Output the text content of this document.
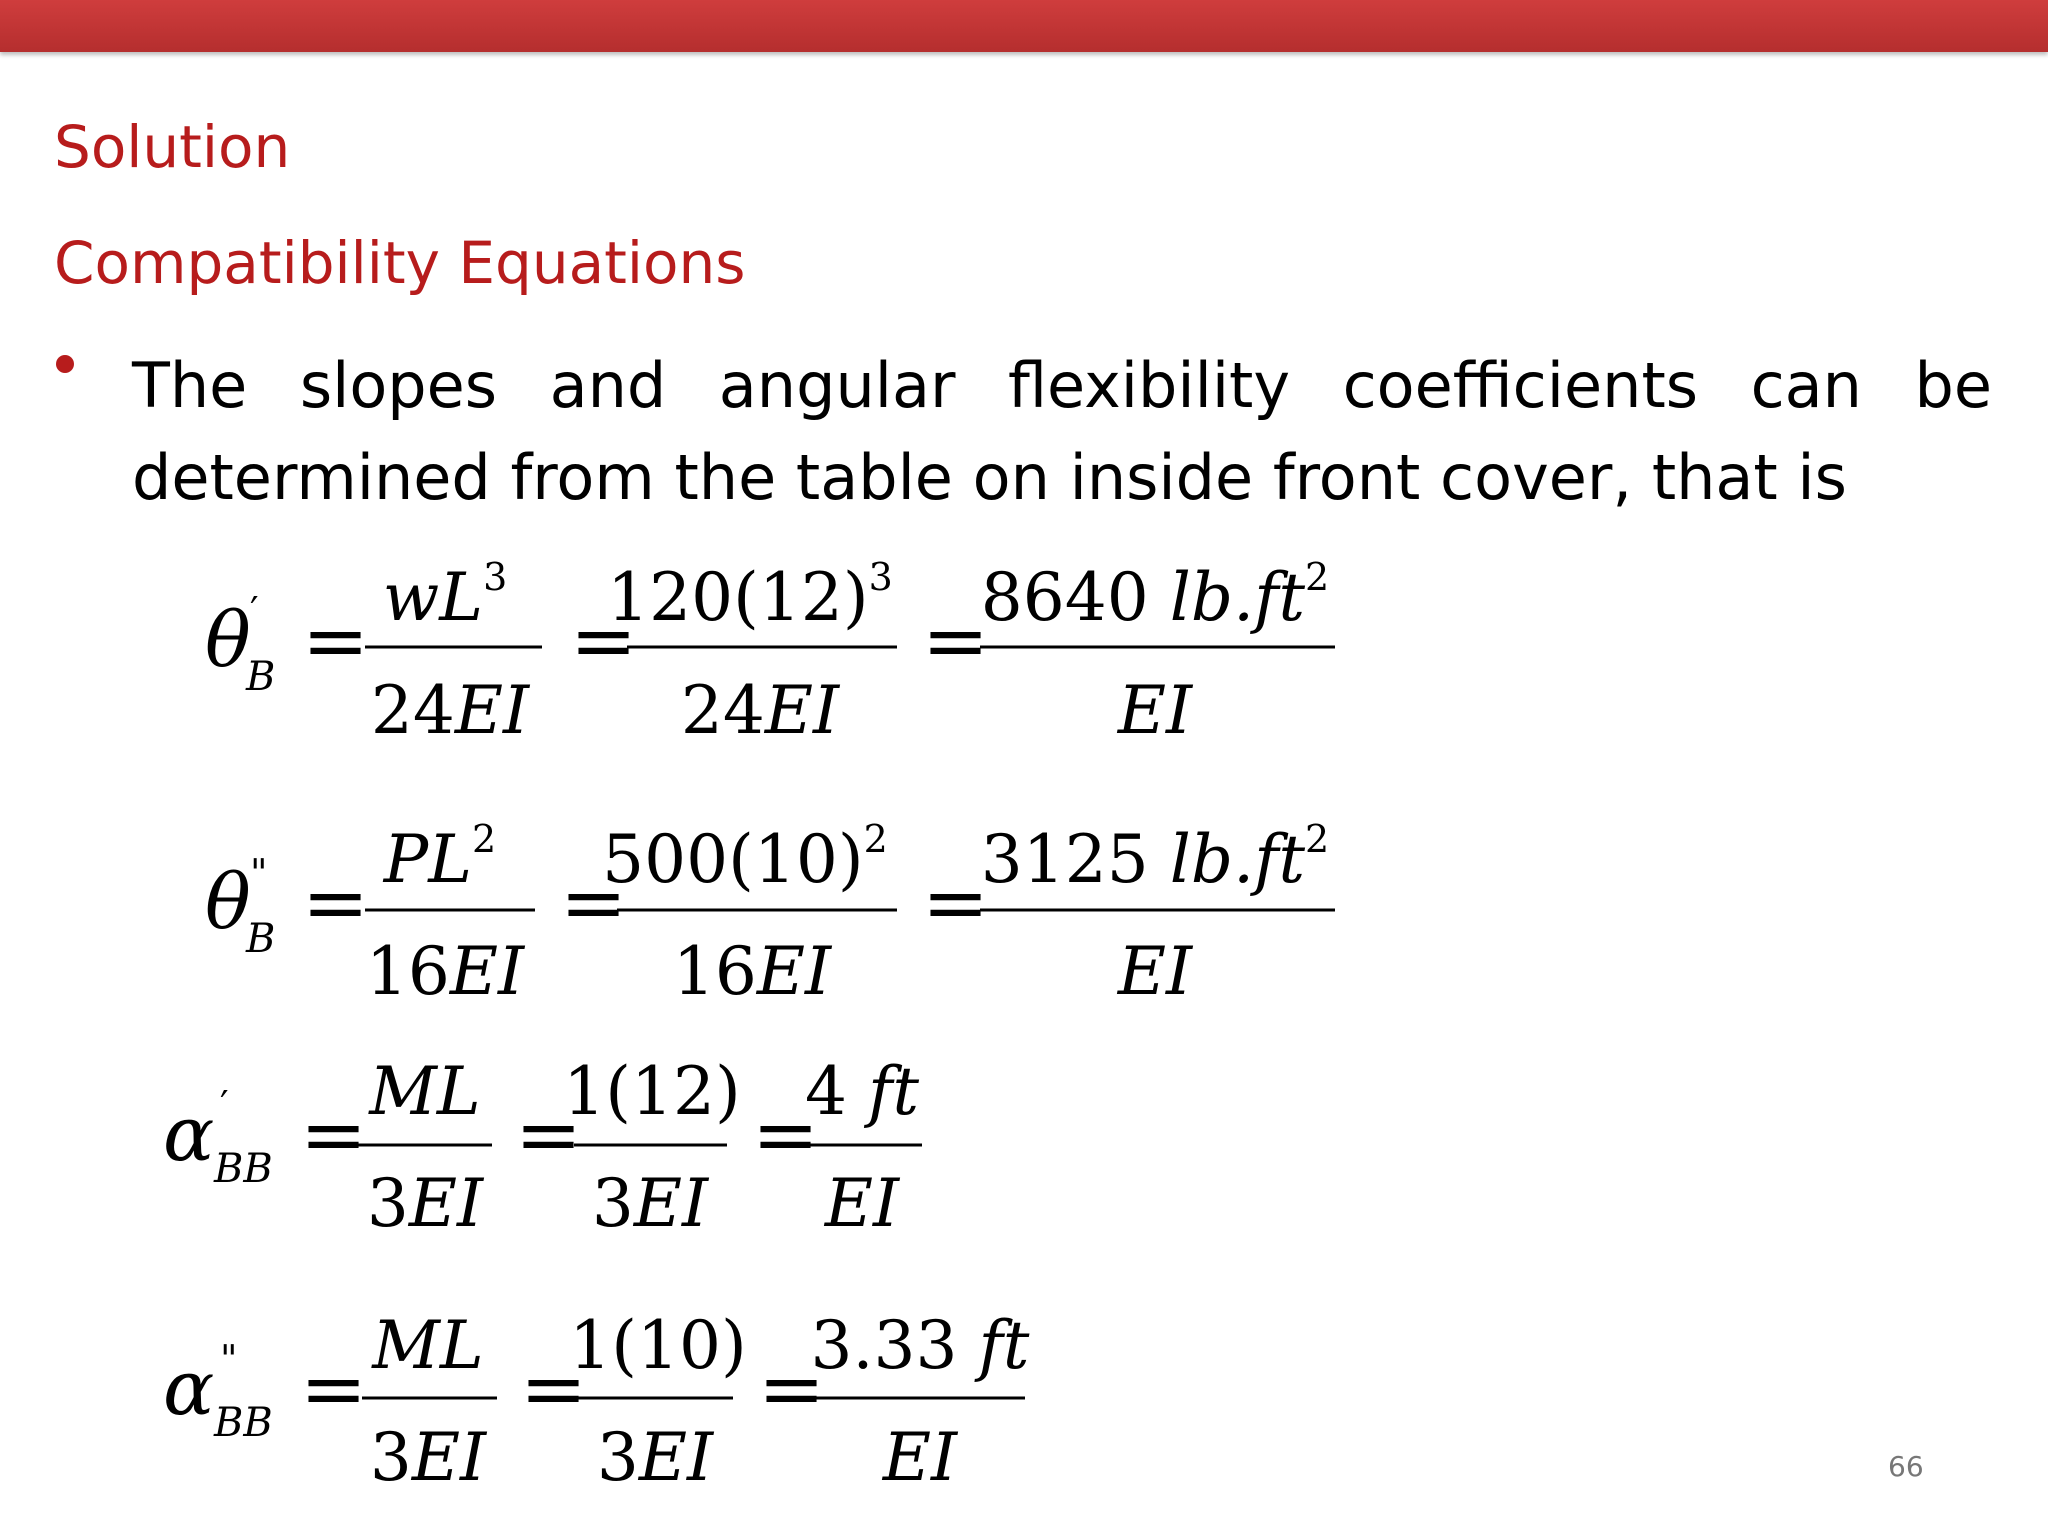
Solution
Compatibility Equations
The slopes and angular flexibility coefficients can be
determined from the table on inside front cover, that is
θ ′
$B = wL^3$
24EI
=
$120(12)^3$
24EI
=
8640 $lb.ft^2$
EI
θ "
$B = PL^2$
16EI
=
$500(10)^2$
16EI
=
3125 $lb.ft^2$
EI
α ′
BB = ML
3EI
=
1(12)
3EI
=
4 ft
EI
α "
BB = ML
3EI
=
1(10)
3EI
=
3.33 ft
EI	66
